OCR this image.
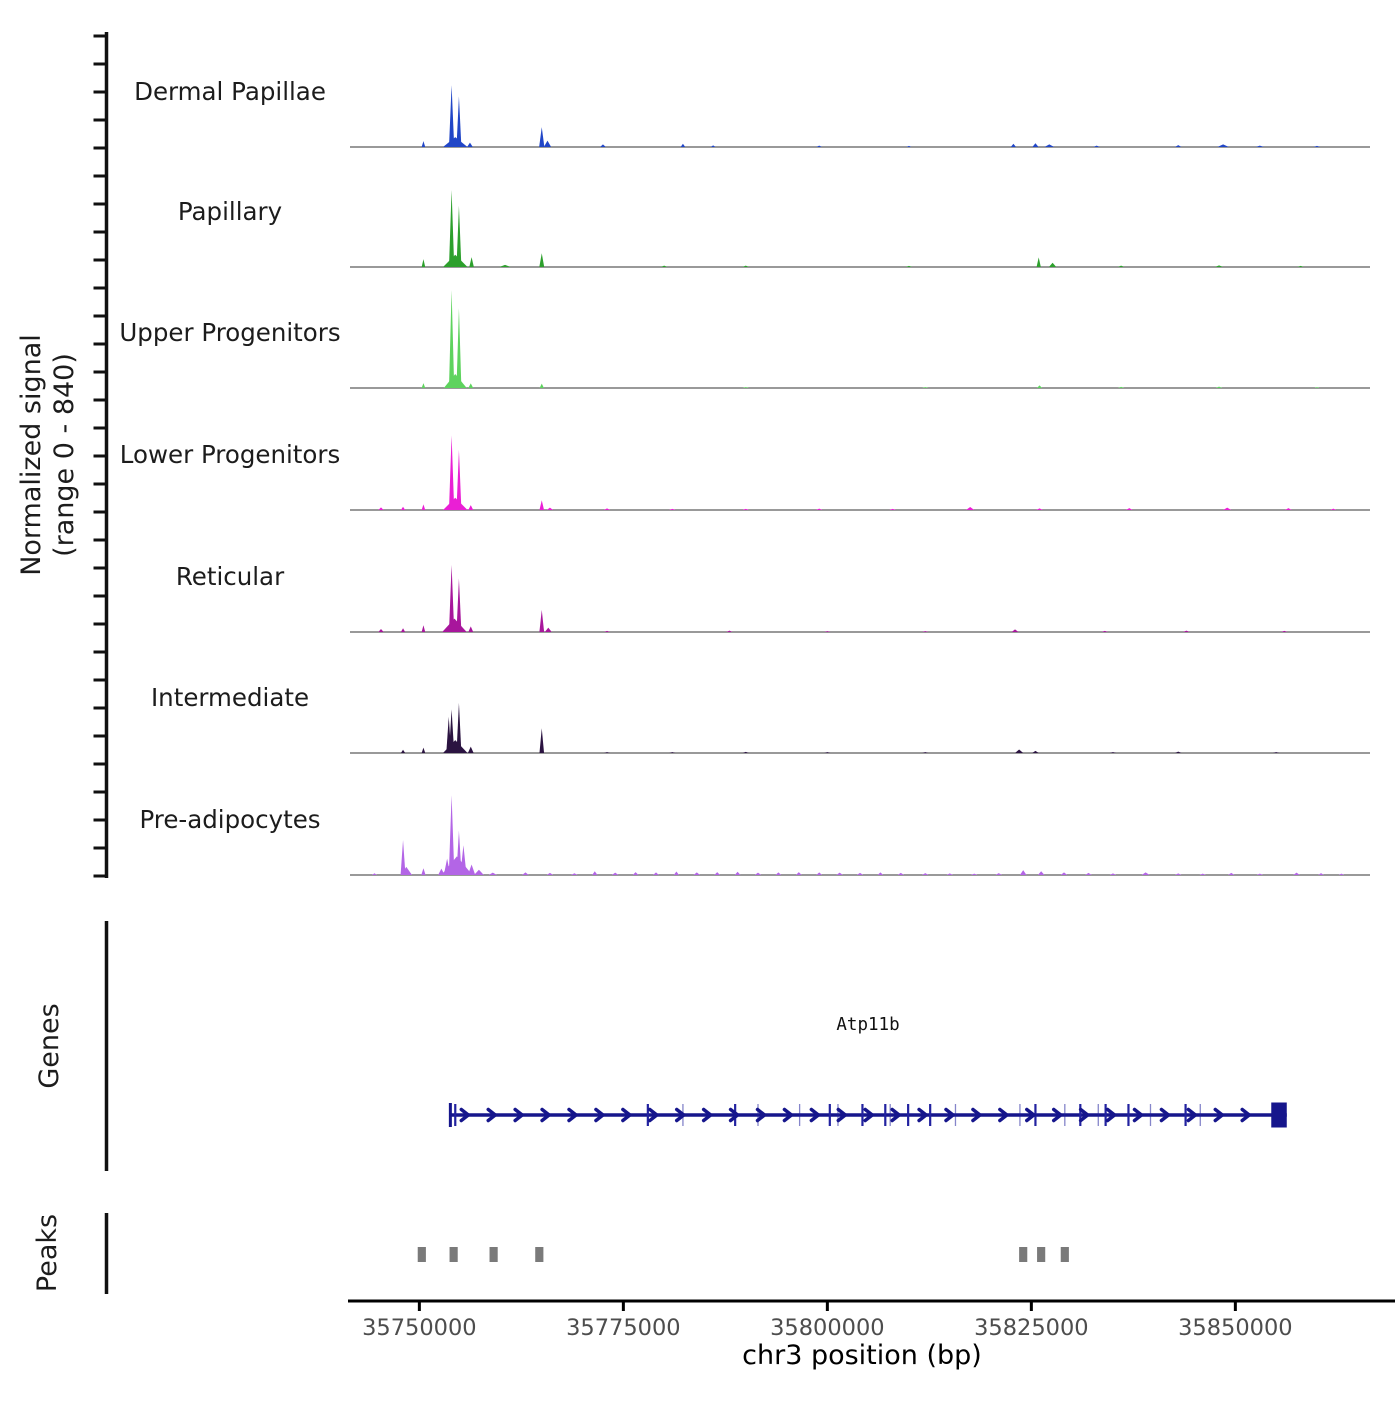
Normalized signal (range 0 - 840)
Dermal Papillae
Papillary
Upper Progenitors
Lower Progenitors
Reticular
Intermediate
Pre-adipocytes
Genes	Atp11b
Peaks
35750000	35775000	35800000	35825000	35850000
chr3 position (bp)
